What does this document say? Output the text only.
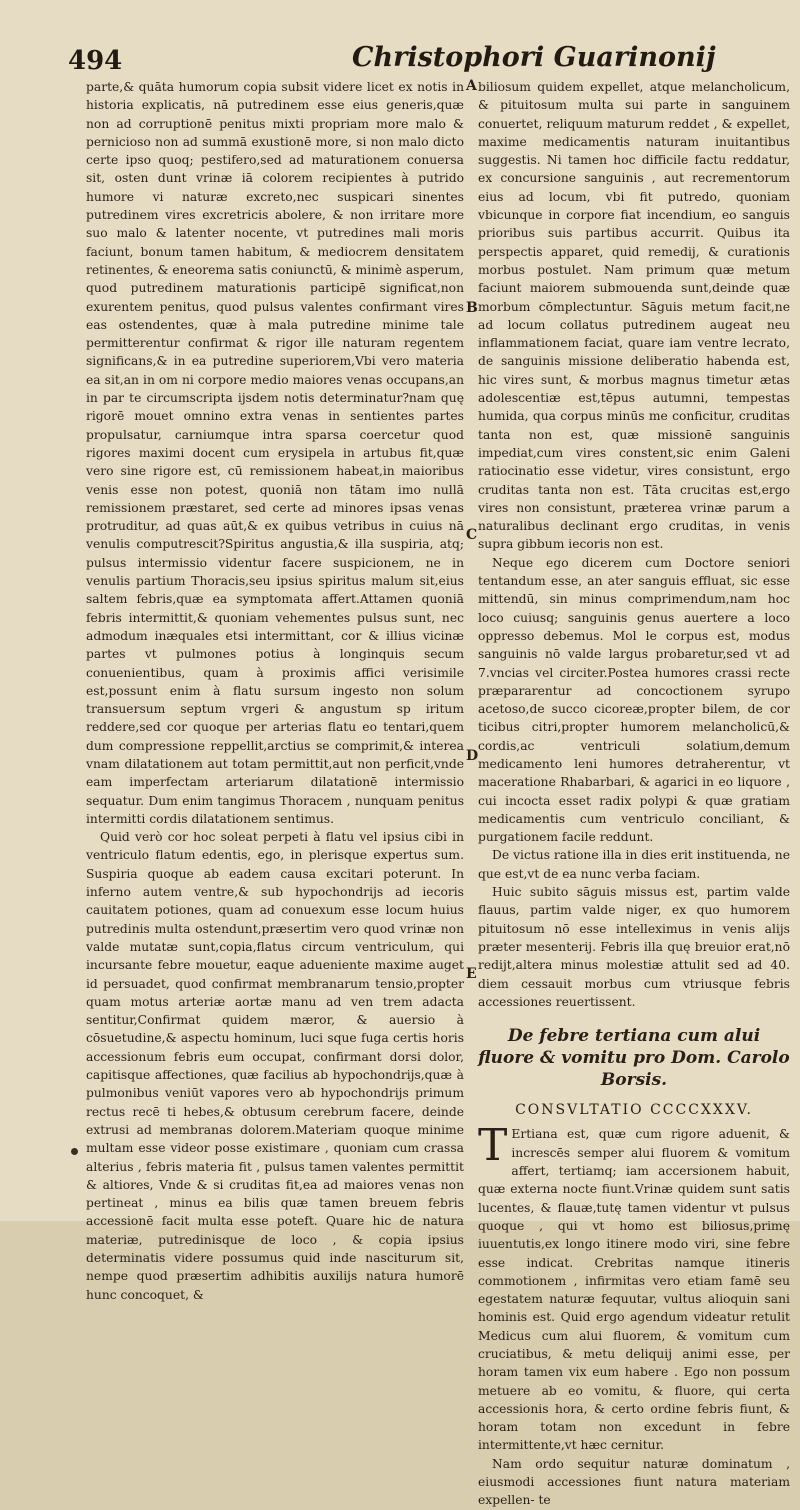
494	Christophori Guarinonij

parte,& quāta humorum copia subsit videre licet ex notis in historia explicatis, nā putredinem esse eius generis,quæ non ad corruptionē penitus mixti propriam more malo & pernicioso non ad summā exustionē more, si non malo dicto certe ipso quoq; pestifero,sed ad maturationem conuersa sit, osten dunt vrinæ iā colorem recipientes à putrido humore vi naturæ excreto,nec suspicari sinentes putredinem vires excretricis abolere, & non irritare more suo malo & latenter nocente, vt putredines mali moris faciunt, bonum tamen habitum, & mediocrem densitatem retinentes, & eneorema satis coniunctū, & minimè asperum, quod putredinem maturationis participē significat,non exurentem penitus, quod pulsus valentes confirmant vires eas ostendentes, quæ à mala putredine minime tale permitterentur confirmat & rigor ille naturam regentem significans,& in ea putredine superiorem,Vbi vero materia ea sit,an in om ni corpore medio maiores venas occupans,an in par te circumscripta ijsdem notis determinatur?nam quę rigorē mouet omnino extra venas in sentientes partes propulsatur, carniumque intra sparsa coercetur quod rigores maximi docent cum erysipela in artubus fit,quæ vero sine rigore est, cū remissionem habeat,in maioribus venis esse non potest, quoniā non tātam imo nullā remissionem præstaret, sed certe ad minores ipsas venas protruditur, ad quas aūt,& ex quibus vetribus in cuius nā venulis computrescit?Spiritus angustia,& illa suspiria, atq; pulsus intermissio videntur facere suspicionem, ne in venulis partium Thoracis,seu ipsius spiritus malum sit,eius saltem febris,quæ ea symptomata affert.Attamen quoniā febris intermittit,& quoniam vehementes pulsus sunt, nec admodum inæquales etsi intermittant, cor & illius vicinæ partes vt pulmones potius à longinquis secum conuenientibus, quam à proximis affici verisimile est,possunt enim à flatu sursum ingesto non solum transuersum septum vrgeri & angustum sp iritum reddere,sed cor quoque per arterias flatu eo tentari,quem dum compressione reppellit,arctius se comprimit,& interea vnam dilatationem aut totam permittit,aut non perficit,vnde eam imperfectam arteriarum dilatationē intermissio sequatur. Dum enim tangimus Thoracem , nunquam penitus intermitti cordis dilatationem sentimus.

Quid verò cor hoc soleat perpeti à flatu vel ipsius cibi in ventriculo flatum edentis, ego, in plerisque expertus sum. Suspiria quoque ab eadem causa excitari poterunt. In inferno autem ventre,& sub hypochondrijs ad iecoris cauitatem potiones, quam ad conuexum esse locum huius putredinis multa ostendunt,præsertim vero quod vrinæ non valde mutatæ sunt,copia,flatus circum ventriculum, qui incursante febre mouetur, eaque adueniente maxime auget id persuadet, quod confirmat membranarum tensio,propter quam motus arteriæ aortæ manu ad ven trem adacta sentitur,Confirmat quidem mæror, & auersio à cōsuetudine,& aspectu hominum, luci sque fuga certis horis accessionum febris eum occupat, confirmant dorsi dolor, capitisque affectiones, quæ facilius ab hypochondrijs,quæ à pulmonibus veniūt vapores vero ab hypochondrijs primum rectus recē ti hebes,& obtusum cerebrum facere, deinde extrusi ad membranas dolorem.Materiam quoque minime multam esse videor posse existimare , quoniam cum crassa alterius , febris materia fit , pulsus tamen valentes permittit & altiores, Vnde & si cruditas fit,ea ad maiores venas non pertineat , minus ea bilis quæ tamen breuem febris accessionē facit multa esse poteft. Quare hic de natura materiæ, putredinisque de loco , & copia ipsius determinatis videre possumus quid inde nasciturum sit, nempe quod præsertim adhibitis auxilijs natura humorē hunc concoquet, &

A
B
C
D
E

biliosum quidem expellet, atque melancholicum, & pituitosum multa sui parte in sanguinem conuertet, reliquum maturum reddet , & expellet, maxime medicamentis naturam inuitantibus suggestis. Ni tamen hoc difficile factu reddatur, ex concursione sanguinis , aut recrementorum eius ad locum, vbi fit putredo, quoniam vbicunque in corpore fiat incendium, eo sanguis prioribus suis partibus accurrit. Quibus ita perspectis apparet, quid remedij, & curationis morbus postulet. Nam primum quæ metum faciunt maiorem submouenda sunt,deinde quæ morbum cōmplectuntur. Sāguis metum facit,ne ad locum collatus putredinem augeat neu inflammationem faciat, quare iam ventre lecrato, de sanguinis missione deliberatio habenda est, hic vires sunt, & morbus magnus timetur ætas adolescentiæ est,tēpus autumni, tempestas humida, qua corpus minūs me conficitur, cruditas tanta non est, quæ missionē sanguinis impediat,cum vires constent,sic enim Galeni ratiocinatio esse videtur, vires consistunt, ergo cruditas tanta non est. Tāta crucitas est,ergo vires non consistunt, præterea vrinæ parum a naturalibus declinant ergo cruditas, in venis supra gibbum iecoris non est.

Neque ego dicerem cum Doctore seniori tentandum esse, an ater sanguis effluat, sic esse mittendū, sin minus comprimendum,nam hoc loco cuiusq; sanguinis genus auertere a loco oppresso debemus. Mol le corpus est, modus sanguinis nō valde largus probaretur,sed vt ad 7.vncias vel circiter.Postea humores crassi recte præpararentur ad concoctionem syrupo acetoso,de succo cicoreæ,propter bilem, de cor ticibus citri,propter humorem melancholicū,& cordis,ac ventriculi solatium,demum medicamento leni humores detraherentur, vt maceratione Rhabarbari, & agarici in eo liquore , cui incocta esset radix polypi & quæ gratiam medicamentis cum ventriculo conciliant, & purgationem facile reddunt.

De victus ratione illa in dies erit instituenda, ne que est,vt de ea nunc verba faciam.

Huic subito sāguis missus est, partim valde flauus, partim valde niger, ex quo humorem pituitosum nō esse intelleximus in venis alijs præter mesenterij. Febris illa quę breuior erat,nō redijt,altera minus molestiæ attulit sed ad 40. diem cessauit morbus cum vtriusque febris accessiones reuertissent.

De febre tertiana cum alui fluore & vomitu pro Dom. Carolo Borsis.
CONSVLTATIO CCCCXXXV.

T Ertiana est, quæ cum rigore aduenit, & increscēs semper alui fluorem & vomitum affert, tertiamq; iam accersionem habuit, quæ externa nocte fiunt.Vrinæ quidem sunt satis lucentes, & flauæ,tutę tamen videntur vt pulsus quoque , qui vt homo est biliosus,primę iuuentutis,ex longo itinere modo viri, sine febre esse indicat. Crebritas namque itineris commotionem , infirmitas vero etiam famē seu egestatem naturæ fequutar, vultus alioquin sani hominis est. Quid ergo agendum videatur retulit Medicus cum alui fluorem, & vomitum cum cruciatibus, & metu deliquij animi esse, per horam tamen vix eum habere . Ego non possum metuere ab eo vomitu, & fluore, qui certa accessionis hora, & certo ordine febris fiunt, & horam totam non excedunt in febre intermittente,vt hæc cernitur.

Nam ordo sequitur naturæ dominatum , eiusmodi accessiones fiunt natura materiam expellen- te
